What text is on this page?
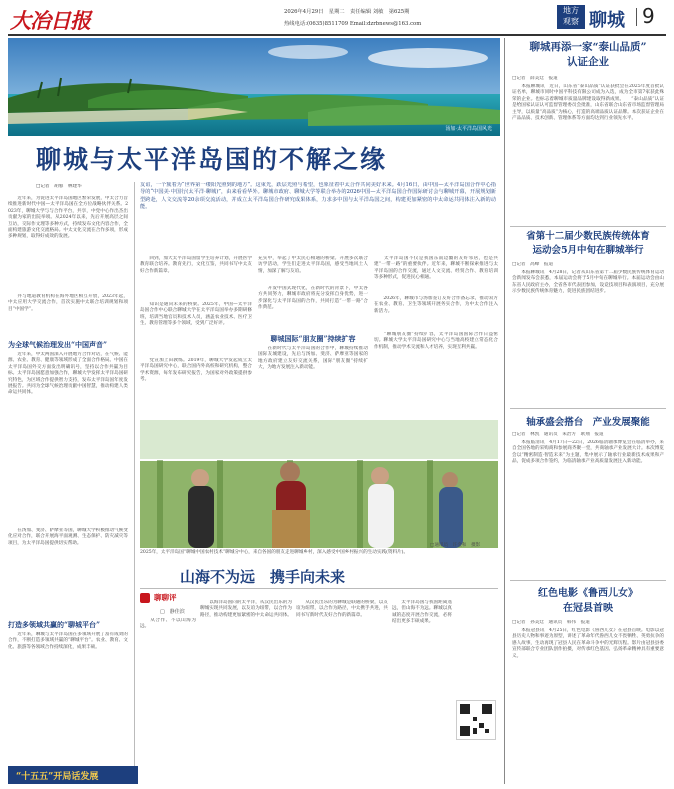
大冶日报	2026年4月29日　星期二　责任编辑 刘敏　第625期
热线电话:(0635)8511709 Email:dzrbnews@163.com
地方
观察 聊城 9
汤加·太平洋岛国风光
聊城与太平洋岛国的不解之缘
友谊，一个簇着为“世界第一缕阳光照到的地方”。这束光，跃层光照与希望，也象征着中太合作共同美好未来。4月16日，由中国—太平洋岛国合作中心指导的“中国美·中国行(太平洋·聊城)”，由来看看华外。聊城市政府、聊城大学等联合举办的2026中国—太平洋岛国合作国际研讨会与聊城开幕，开展规划新型跨赴，人文交流等20余项交流活动，并成立太平洋岛国合作研究成果体系，力求多中国与太平洋岛国之间，构建更加紧密的中太命运共同体注入新的动能。
□记者　胡蓉　林建华
　　近年来，为促进太平洋岛国地区繁荣发展，中太合力旨续推进新时代中国—太平洋岛国在全方位战略伙伴关系。2023年，聊城大学与与合作平台，共享，中党中心作出杰出贡献为家的出院举项。从2024年以来，先后开展高层之间互访，交际作文理等多种方式，持续发布文化内容合作，全面构建旅游文化交流格局。中太文化交流在合作多项，形成多种规划，取得好成效的发展。
　　并与地道教育机构在海外地区相互开放，2023年起，中太应用大学交流合作，首次实施中太联合培训规划和项目“中国学”。
为全球气候治理发出“中国声音”
　　近年来，中太两国深入开展地方合作对话，在气候、能源、农业、教育、健康等领域形成了全面合作格局。中国在太平洋岛国外交方面发出明确讯号，坚持以合作共赢为目标。太平洋岛国愿意加强合作，聊城大学发挥太平洋岛国研究特色，为区域合作提供智力支持，发布太平洋岛国年度发展报告。共同为全球气候治理贡献中国智慧，推动构建人类命运共同体。
　　在汤加、斐济、萨摩亚等国，聊城大学积极推动气候变化应对合作，联合开展海平面观测、生态保护、防灾减灾等项目，为太平洋岛国提供切实帮助。
打造多领域共赢的“聊城平台”
　　近年来，聊城与太平洋岛国在多领域开展了富有成效的合作，不断打造多领域共赢的“聊城平台”。农业、教育、文化、旅游等各领域合作持续深化，成果丰硕。
　　回到，加大太平洋岛国留学生培养计划，开展医学教育联合培养。教育先行，文化互鉴，共同书写中太友好合作新篇章。
　　知识是通向未来的桥梁。2025年，中国—太平洋岛国合作中心联合聊城大学在太平洋岛国举办多期研修班，培训当地官员和技术人员，涵盖农业技术、医疗卫生、教育管理等多个领域，受到广泛好评。
　　党宣加上田教练。2019年，聊城大学发起成立太平洋岛国研究中心，联合国内外高校和研究机构，整合学术资源，每年发布研究报告，为国家对外政策提供参考。
充实中，举起了中太民心相通的桥梁。开展多次联合访学活动，学生们走进太平洋岛国，感受当地风土人情，加深了解与友谊。
　　开发中国式现代化，在新时代的背景下，中太各方共同努力，聊城市政府将充分发挥自身优势，进一步深化与太平洋岛国的合作，共同打造“一带一路”合作典范。
聊城国际“朋友圈”持续扩容
　　在新时代与太平洋岛国的合作中，聊城持续推动国际友城建设，先后与汤加、斐济、萨摩亚等国家的地方政府建立友好交流关系，国际“朋友圈”持续扩大，为地方发展注入新动能。
　　太平洋岛国不仅是我国东南边疆的友好邻居，也是共建“一带一路”的重要伙伴。近年来，聊城不断探索推进与太平洋岛国的合作交流，通过人文交流、经贸合作、教育培训等多种形式，促进民心相通。
　　2026年，聊城市与汤加签订友好合作备忘录，推动双方在农业、教育、卫生等领域开展务实合作，为中太合作注入新活力。
　　“聊城朋友圈”持续扩容，太平洋岛国国际合作日益密切。聊城大学太平洋岛国研究中心与当地高校建立常态化合作机制，推动学术交流和人才培养，实现互利共赢。
2025年，太平洋岛国“聊城中国农村技术”聊城分中心，来自各国的朋友走进聊城乡村，深入感受中国乡村振兴的生动实践(资料片)。
□通讯员　许金和　摄影
山海不为远　携手向未来
聊聊评
□　静佳滨
　　从合作、不以山海为远。
　　以海洋岛国向的太平洋，从汉民出乐的为聊城实现共同发展，以友谊为纽带，以合作为路径，推动构建更加紧密的中太命运共同体。
　　从汉民出乐的为聊城是联通的桥梁，以友谊为纽带，以合作为路径，中太携手共进，共同书写新时代友好合作的新篇章。
　　太平洋岛国与我国距离遥远，但山海不为远。聊城以真诚的态度开展合作交流，必将结出更多丰硕成果。
“十五五”开局话发展
聊城再添一家“泰山品质”
认证企业
□记者　薛美廷　报道
　　本报聊城讯　近日，山东省“泰山品质”认证获批会在2025年度首批认证名单，聊城市同时中国平科技有限公司成为入选，成为全市第7家获此殊荣的企业。也标志着聊城市质量品牌建设取得新成果。　　“泰山品质”认证是给国家认证认可监督管理委员会批准，山东省联合山东省市场监督管理局主导，以质量“高品质”为核心，打造的高端品质认证品牌。本次获证企业在产品品质、技术创新、管理体系等方面均达到行业领先水平。
省第十二届少数民族传统体育
运动会5月中旬在聊城举行
□记者　高峰　报道
　　本报聊城讯　4月28日，记者从山东省第十二届少数民族传统体育运动会新闻发布会获悉，本届运动会将于5月中旬在聊城举行。本届运动会由山东省人民政府主办，全省各市代表团参加，设竞技项目和表演项目，充分展示少数民族传统体育魅力，促进民族团结进步。
轴承盛会搭台　产业发展聚能
□记者　林凯　通讯员　朱治方　耿翔　报道
　　本报临清讯　4月17日—22日，2026临清轴承博览会在临清举办，来自全国各地的采购商和参展商齐聚一堂，共商轴承产业发展大计。本次博览会以“精密制造·智造未来”为主题，集中展示了轴承行业最新技术成果和产品，促成多项合作签约，为临清轴承产业高质量发展注入新动能。
红色电影《鲁西儿女》
在冠县首映
□记者　孙美廷　通讯员　韩伟　报道
　　本报冠县讯　4月25日，红色电影《鲁西儿女》在冠县首映。电影以冠县历史人物和事迹为原型，讲述了革命年代鲁西儿女不畏牺牲、英勇抗争的感人故事，生动再现了冠县人民在革命斗争中的光辉历程。影片由冠县县委宣传部联合专业团队创作拍摄，对传承红色基因、弘扬革命精神具有重要意义。
